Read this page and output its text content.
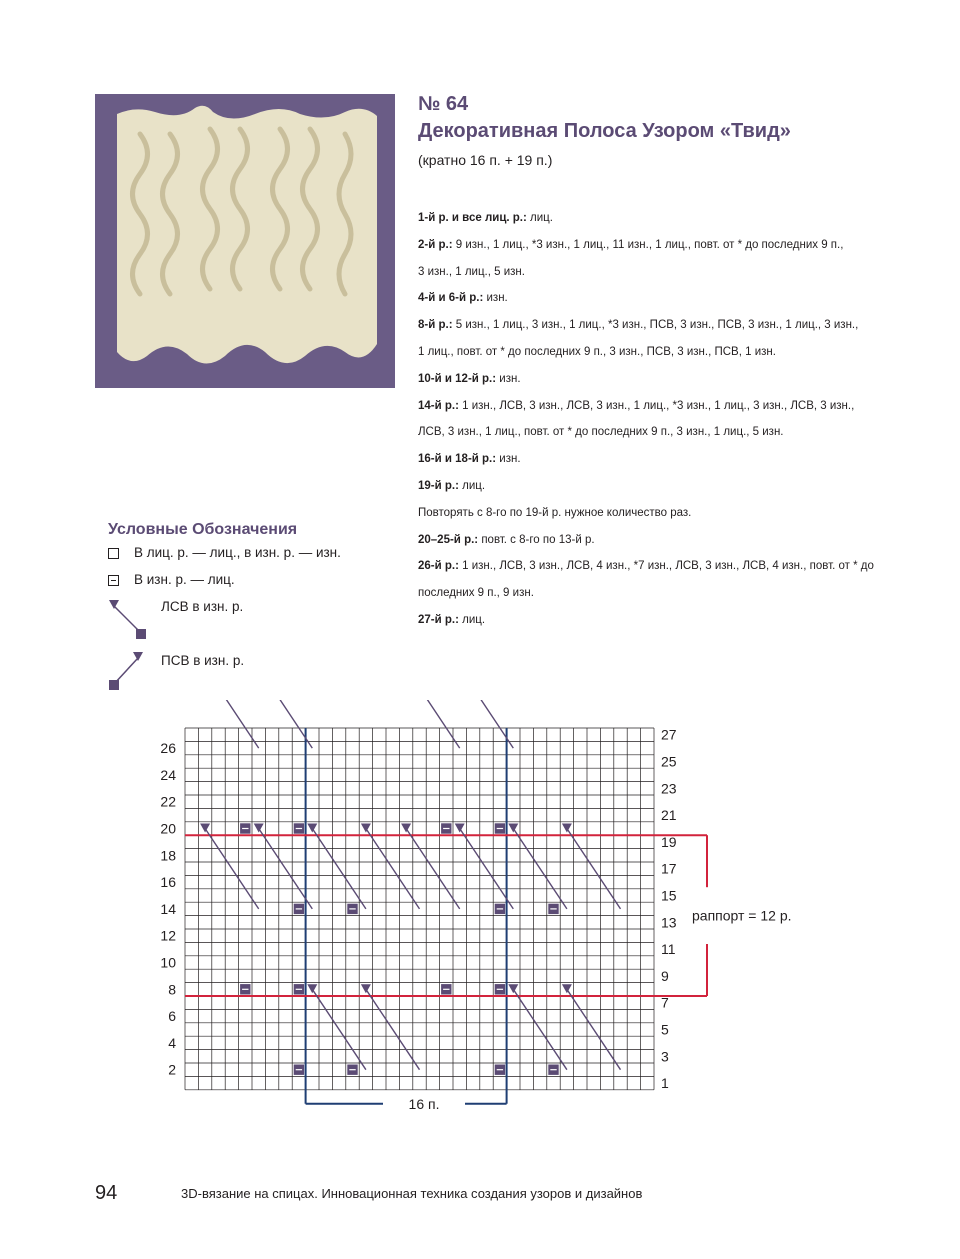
№ 64
Декоративная Полоса Узором «Твид»
(кратно 16 п. + 19 п.)
1-й р. и все лиц. р.: лиц.
2-й р.: 9 изн., 1 лиц., *3 изн., 1 лиц., 11 изн., 1 лиц., повт. от * до последних 9 п.,
3 изн., 1 лиц., 5 изн.
4-й и 6-й р.: изн.
8-й р.: 5 изн., 1 лиц., 3 изн., 1 лиц., *3 изн., ПСВ, 3 изн., ПСВ, 3 изн., 1 лиц., 3 изн.,
1 лиц., повт. от * до последних 9 п., 3 изн., ПСВ, 3 изн., ПСВ, 1 изн.
10-й и 12-й р.: изн.
14-й р.: 1 изн., ЛСВ, 3 изн., ЛСВ, 3 изн., 1 лиц., *3 изн., 1 лиц., 3 изн., ЛСВ, 3 изн.,
ЛСВ, 3 изн., 1 лиц., повт. от * до последних 9 п., 3 изн., 1 лиц., 5 изн.
16-й и 18-й р.: изн.
19-й р.: лиц.
Повторять с 8-го по 19-й р. нужное количество раз.
20–25-й р.: повт. с 8-го по 13-й р.
26-й р.: 1 изн., ЛСВ, 3 изн., ЛСВ, 4 изн., *7 изн., ЛСВ, 3 изн., ЛСВ, 4 изн., повт. от * до
последних 9 п., 9 изн.
27-й р.: лиц.
Условные Обозначения
В лиц. р. — лиц., в изн. р. — изн.
В изн. р. — лиц.
ЛСВ в изн. р.
ПСВ в изн. р.
26
24
22
20
18
16
14
12
10
8
6
4
2
27
25
23
21
19
17
15
13
11
9
7
5
3
1
16 п.
раппорт = 12 р.
94	3D-вязание на спицах. Инновационная техника создания узоров и дизайнов
